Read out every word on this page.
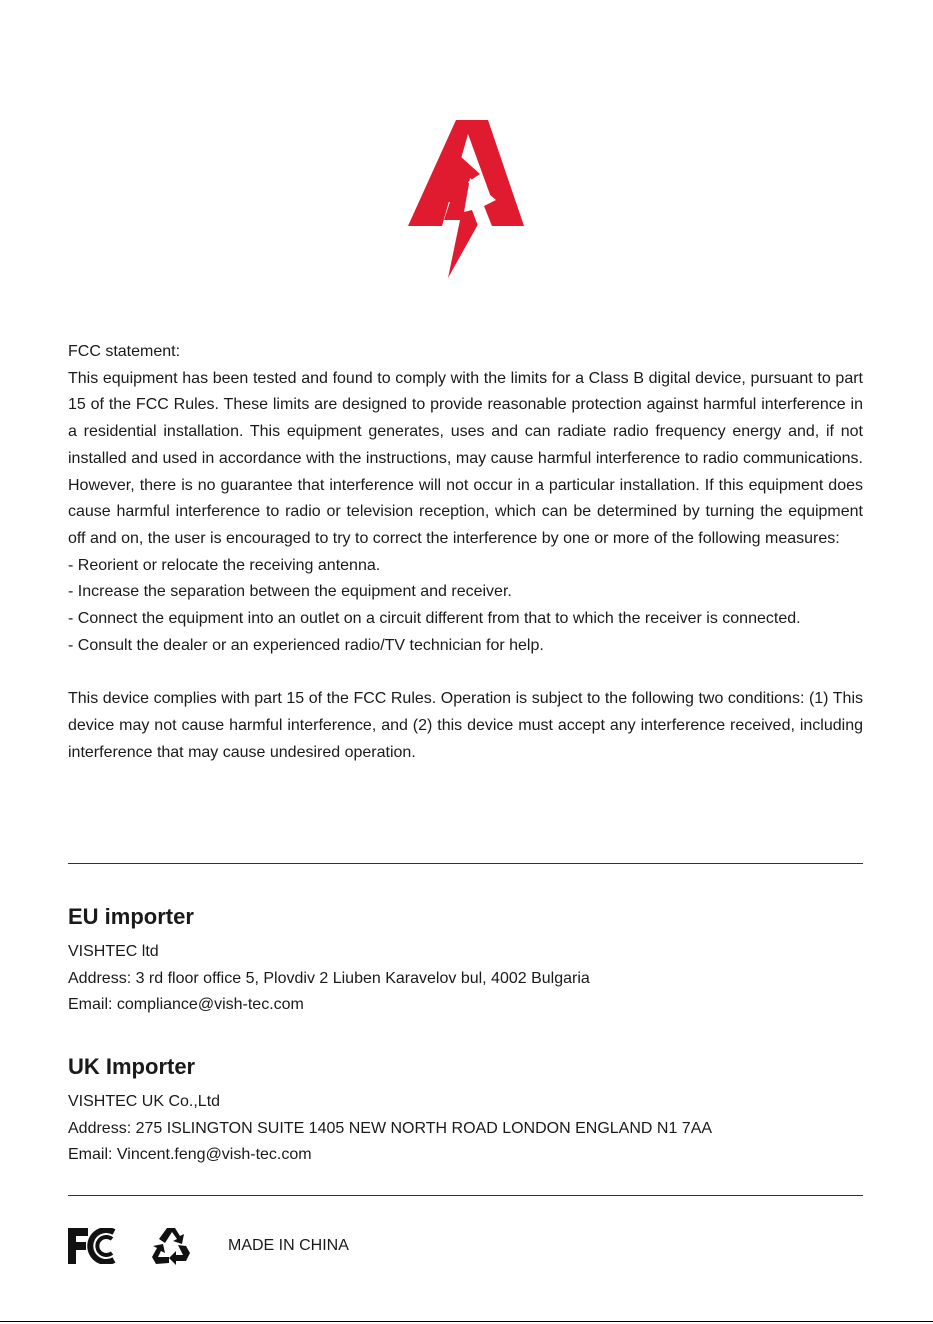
FCC statement:

This equipment has been tested and found to comply with the limits for a Class B digital device, pursuant to part 15 of the FCC Rules. These limits are designed to provide reasonable protection against harmful interference in a residential installation. This equipment generates, uses and can radiate radio frequency energy and, if not installed and used in accordance with the instructions, may cause harmful interference to radio communications. However, there is no guarantee that interference will not occur in a particular installation. If this equipment does cause harmful interference to radio or television reception, which can be determined by turning the equipment off and on, the user is encouraged to try to correct the interference by one or more of the following measures:

- Reorient or relocate the receiving antenna.

- Increase the separation between the equipment and receiver.

- Connect the equipment into an outlet on a circuit different from that to which the receiver is connected.

- Consult the dealer or an experienced radio/TV technician for help.

This device complies with part 15 of the FCC Rules. Operation is subject to the following two conditions: (1) This device may not cause harmful interference, and (2) this device must accept any interference received, including interference that may cause undesired operation.

EU importer
VISHTEC ltd
Address: 3 rd floor office 5, Plovdiv 2 Liuben Karavelov bul, 4002 Bulgaria
Email: compliance@vish-tec.com
UK Importer
VISHTEC UK Co.,Ltd
Address: 275 ISLINGTON SUITE 1405 NEW NORTH ROAD LONDON ENGLAND N1 7AA
Email: Vincent.feng@vish-tec.com
MADE IN CHINA
